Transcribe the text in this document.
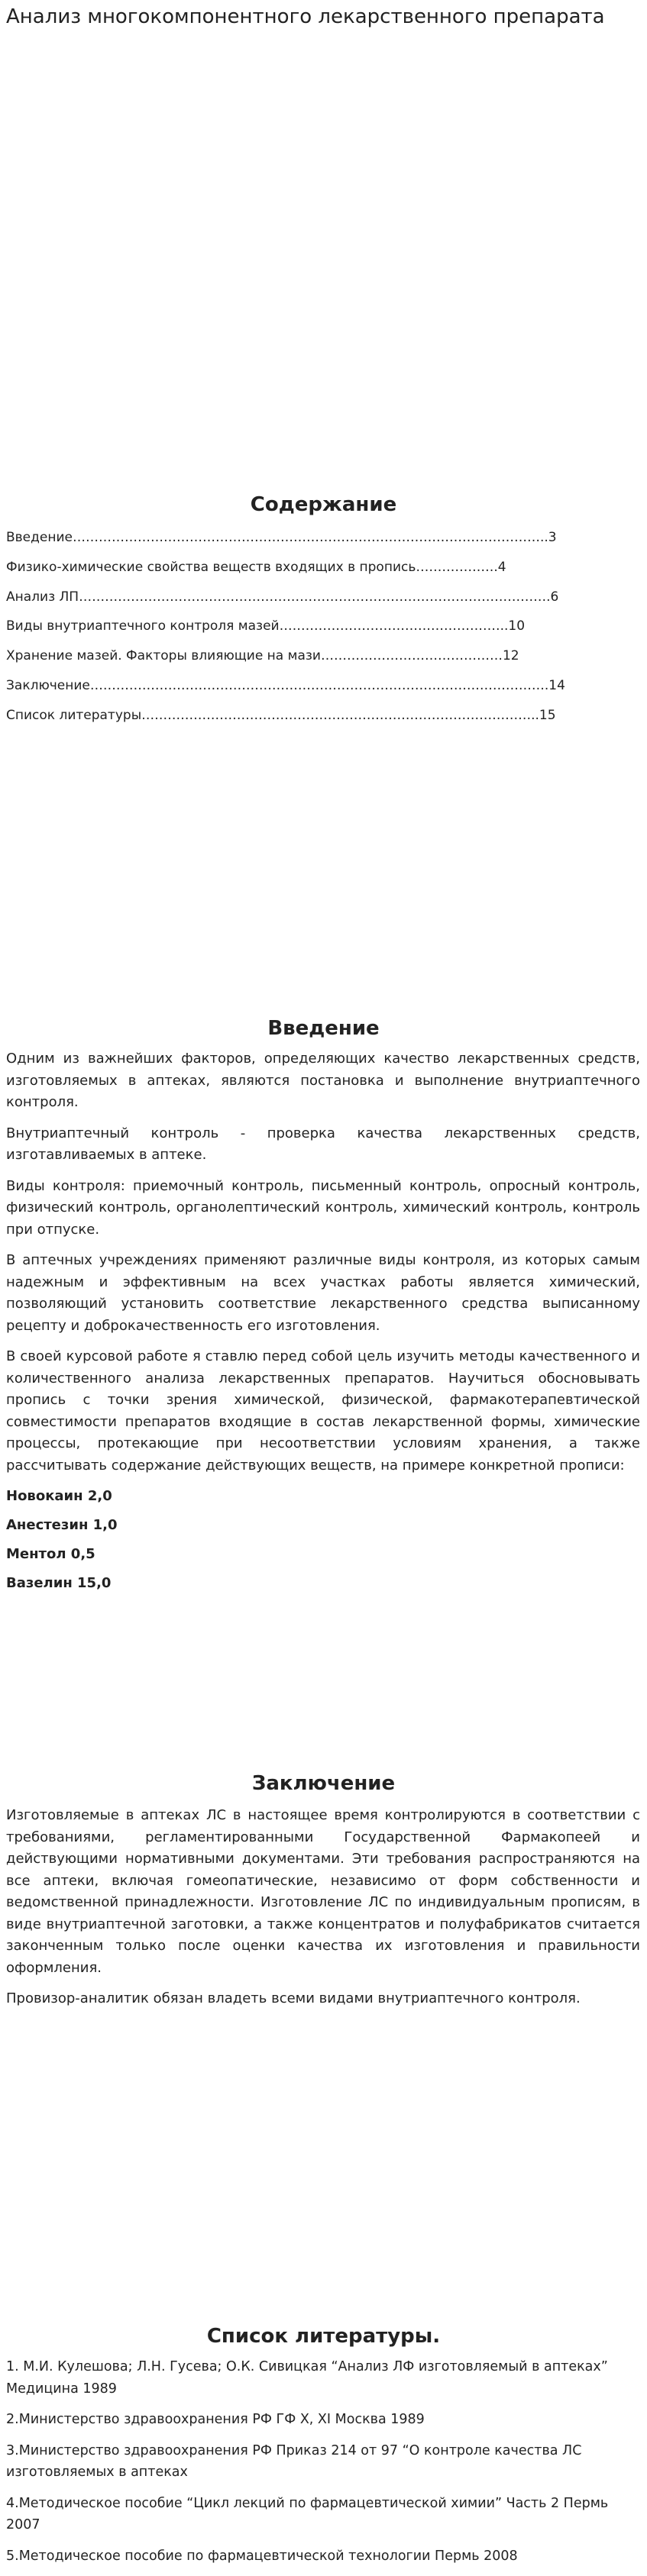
Анализ многокомпонентного лекарственного препарата
Содержание
Введение………………………………………………………………………………………………..3
Физико-химические свойства веществ входящих в пропись……………….4
Анализ ЛП……………………………………………………………………………………………….6
Виды внутриаптечного контроля мазей……………………………………………..10
Хранение мазей. Факторы влияющие на мази……………………………………12
Заключение…………………………………………………………………………………………….14
Список литературы………………………………………………………………………………..15
Введение

Одним из важнейших факторов, определяющих качество лекарственных средств, изготовляемых в аптеках, являются постановка и выполнение внутриаптечного контроля.

Внутриаптечный контроль - проверка качества лекарственных средств, изготавливаемых в аптеке.

Виды контроля: приемочный контроль, письменный контроль, опросный контроль, физический контроль, органолептический контроль, химический контроль, контроль при отпуске.

В аптечных учреждениях применяют различные виды контроля, из которых самым надежным и эффективным на всех участках работы является химический, позволяющий установить соответствие лекарственного средства выписанному рецепту и доброкачественность его изготовления.

В своей курсовой работе я ставлю перед собой цель изучить методы качественного и количественного анализа лекарственных препаратов. Научиться обосновывать пропись с точки зрения химической, физической, фармакотерапевтической совместимости препаратов входящие в состав лекарственной формы, химические процессы, протекающие при несоответствии условиям хранения, а также рассчитывать содержание действующих веществ, на примере конкретной прописи:

Новокаин 2,0

Анестезин 1,0

Ментол 0,5

Вазелин 15,0

Заключение

Изготовляемые в аптеках ЛС в настоящее время контролируются в соответствии с требованиями, регламентированными Государственной Фармакопеей и действующими нормативными документами. Эти требования распространяются на все аптеки, включая гомеопатические, независимо от форм собственности и ведомственной принадлежности. Изготовление ЛС по индивидуальным прописям, в виде внутриаптечной заготовки, а также концентратов и полуфабрикатов считается законченным только после оценки качества их изготовления и правильности оформления.

Провизор-аналитик обязан владеть всеми видами внутриаптечного контроля.

Список литературы.

1. М.И. Кулешова; Л.Н. Гусева; О.К. Сивицкая “Анализ ЛФ изготовляемый в аптеках” Медицина 1989

2.Министерство здравоохранения РФ ГФ X, XI Москва 1989

3.Министерство здравоохранения РФ Приказ 214 от 97 “О контроле качества ЛС изготовляемых в аптеках

4.Методическое пособие “Цикл лекций по фармацевтической химии” Часть 2 Пермь 2007

5.Методическое пособие по фармацевтической технологии Пермь 2008
